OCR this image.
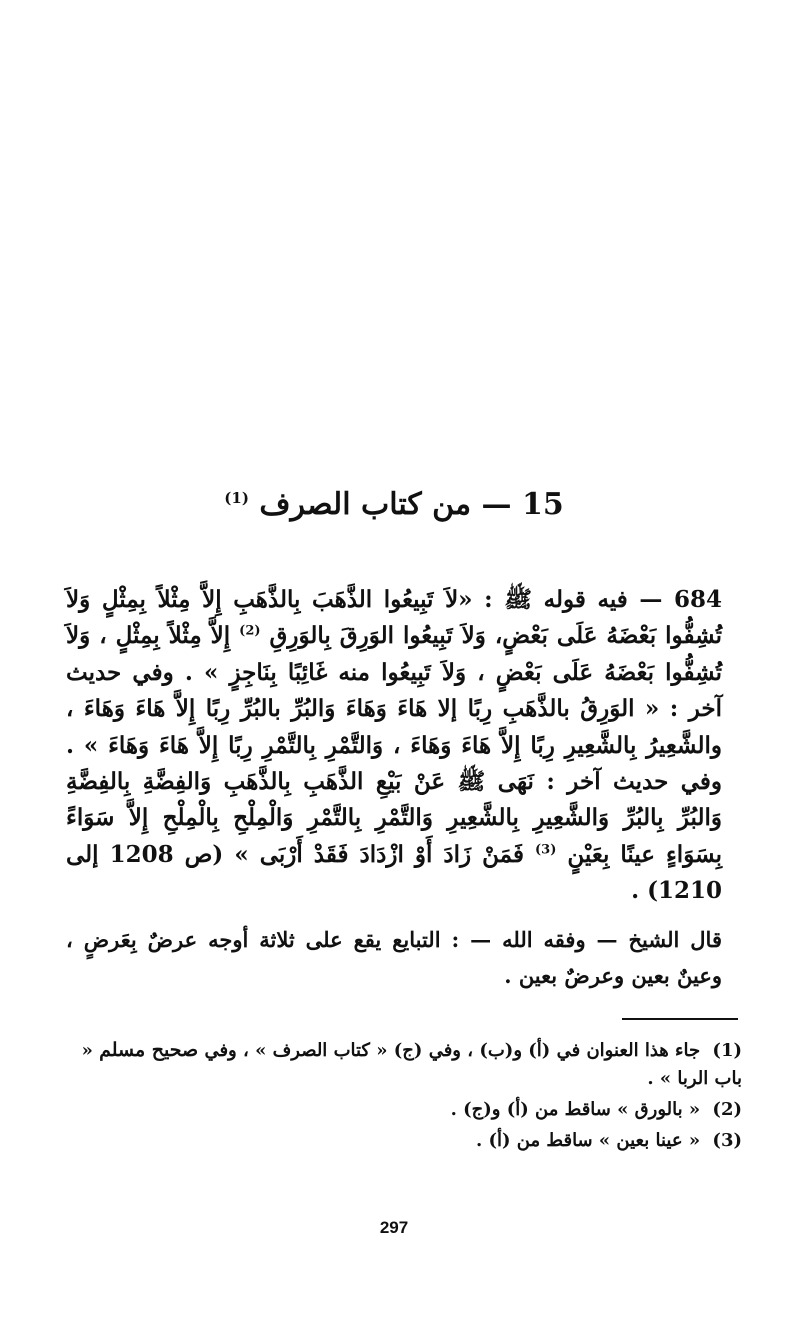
15 — من كتاب الصرف $^{(1)}$
684 — فيه قوله ﷺ : «لاَ تَبِيعُوا الذَّهَبَ بِالذَّهَبِ إِلاَّ مِثْلاً بِمِثْلٍ وَلاَ تُشِفُّوا بَعْضَهُ عَلَى بَعْضٍ، وَلاَ تَبِيعُوا الوَرِقَ بِالوَرِقِ $^{(2)}$ إِلاَّ مِثْلاً بِمِثْلٍ ، وَلاَ تُشِفُّوا بَعْضَهُ عَلَى بَعْضٍ ، وَلاَ تَبِيعُوا منه غَائِبًا بِنَاجِزٍ » . وفي حديث آخر : « الوَرِقُ بالذَّهَبِ رِبًا إلا هَاءَ وَهَاءَ وَالبُرِّ بالبُرِّ رِبًا إِلاَّ هَاءَ وَهَاءَ ، والشَّعِيرُ بِالشَّعِيرِ رِبًا إِلاَّ هَاءَ وَهَاءَ ، وَالتَّمْرِ بِالتَّمْرِ رِبًا إِلاَّ هَاءَ وَهَاءَ » . وفي حديث آخر : نَهَى ﷺ عَنْ بَيْعِ الذَّهَبِ بِالذَّهَبِ وَالفِضَّةِ بِالفِضَّةِ وَالبُرِّ بِالبُرِّ وَالشَّعِيرِ بِالشَّعِيرِ وَالتَّمْرِ بِالتَّمْرِ وَالْمِلْحِ بِالْمِلْحِ إِلاَّ سَوَاءً بِسَوَاءٍ عينًا بِعَيْنٍ $^{(3)}$ فَمَنْ زَادَ أَوْ ازْدَادَ فَقَدْ أَرْبَى » (ص 1208 إلى 1210) .
قال الشيخ — وفقه الله — : التبايع يقع على ثلاثة أوجه عرضٌ بِعَرضٍ ، وعينٌ بعين وعرضٌ بعين .
(1) جاء هذا العنوان في (أ) و(ب) ، وفي (ج) « كتاب الصرف » ، وفي صحيح مسلم « باب الربا » .
(2) « بالورق » ساقط من (أ) و(ج) .
(3) « عينا بعين » ساقط من (أ) .
297
